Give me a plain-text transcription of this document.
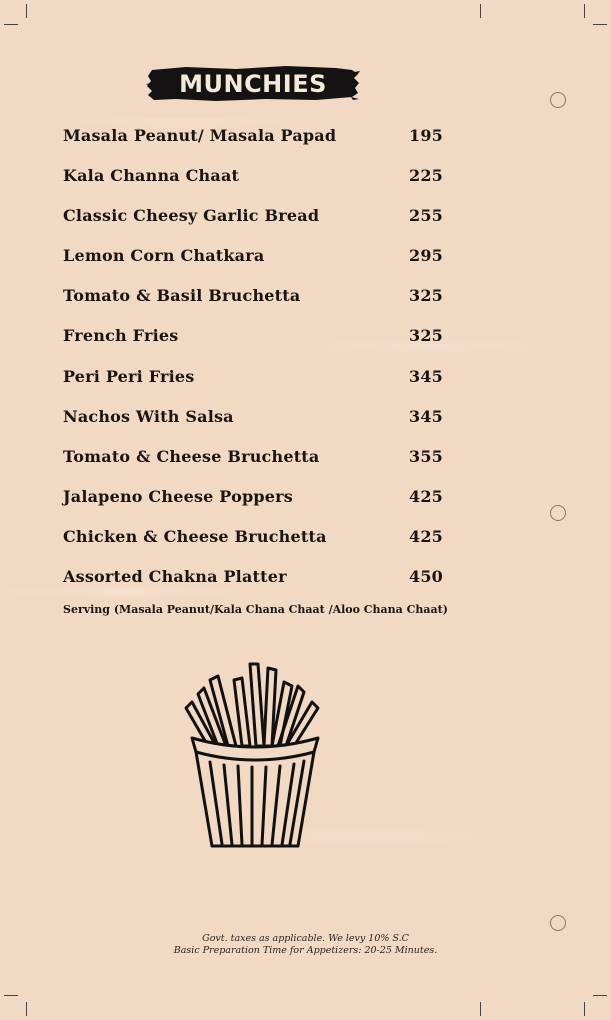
MUNCHIES
Masala Peanut/ Masala Papad	195
Kala Channa Chaat	225
Classic Cheesy Garlic Bread	255
Lemon Corn Chatkara	295
Tomato & Basil Bruchetta	325
French Fries	325
Peri Peri Fries	345
Nachos With Salsa	345
Tomato & Cheese Bruchetta	355
Jalapeno Cheese Poppers	425
Chicken & Cheese Bruchetta	425
Assorted Chakna Platter	450
Serving (Masala Peanut/Kala Chana Chaat /Aloo Chana Chaat)
Govt. taxes as applicable. We levy 10% S.C
Basic Preparation Time for Appetizers: 20-25 Minutes.
